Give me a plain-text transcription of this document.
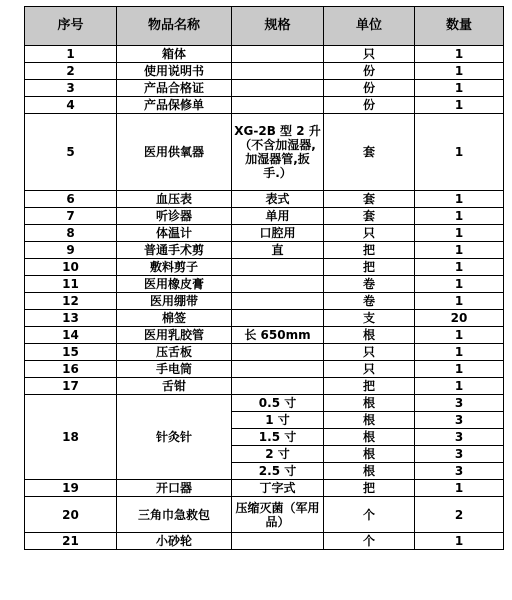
序号	物品名称	规格	单位	数量
1	箱体		只	1
2	使用说明书		份	1
3	产品合格证		份	1
4	产品保修单		份	1
5	医用供氧器	XG-2B 型 2 升（不含加湿器,加湿器管,扳手.）	套	1
6	血压表	表式	套	1
7	听诊器	单用	套	1
8	体温计	口腔用	只	1
9	普通手术剪	直	把	1
10	敷料剪子		把	1
11	医用橡皮膏		卷	1
12	医用绷带		卷	1
13	棉签		支	20
14	医用乳胶管	长 650mm	根	1
15	压舌板		只	1
16	手电筒		只	1
17	舌钳		把	1
18	针灸针	0.5 寸	根	3
		1 寸	根	3
		1.5 寸	根	3
		2 寸	根	3
		2.5 寸	根	3
19	开口器	丁字式	把	1
20	三角巾急救包	压缩灭菌（军用品）	个	2
21	小砂轮		个	1
